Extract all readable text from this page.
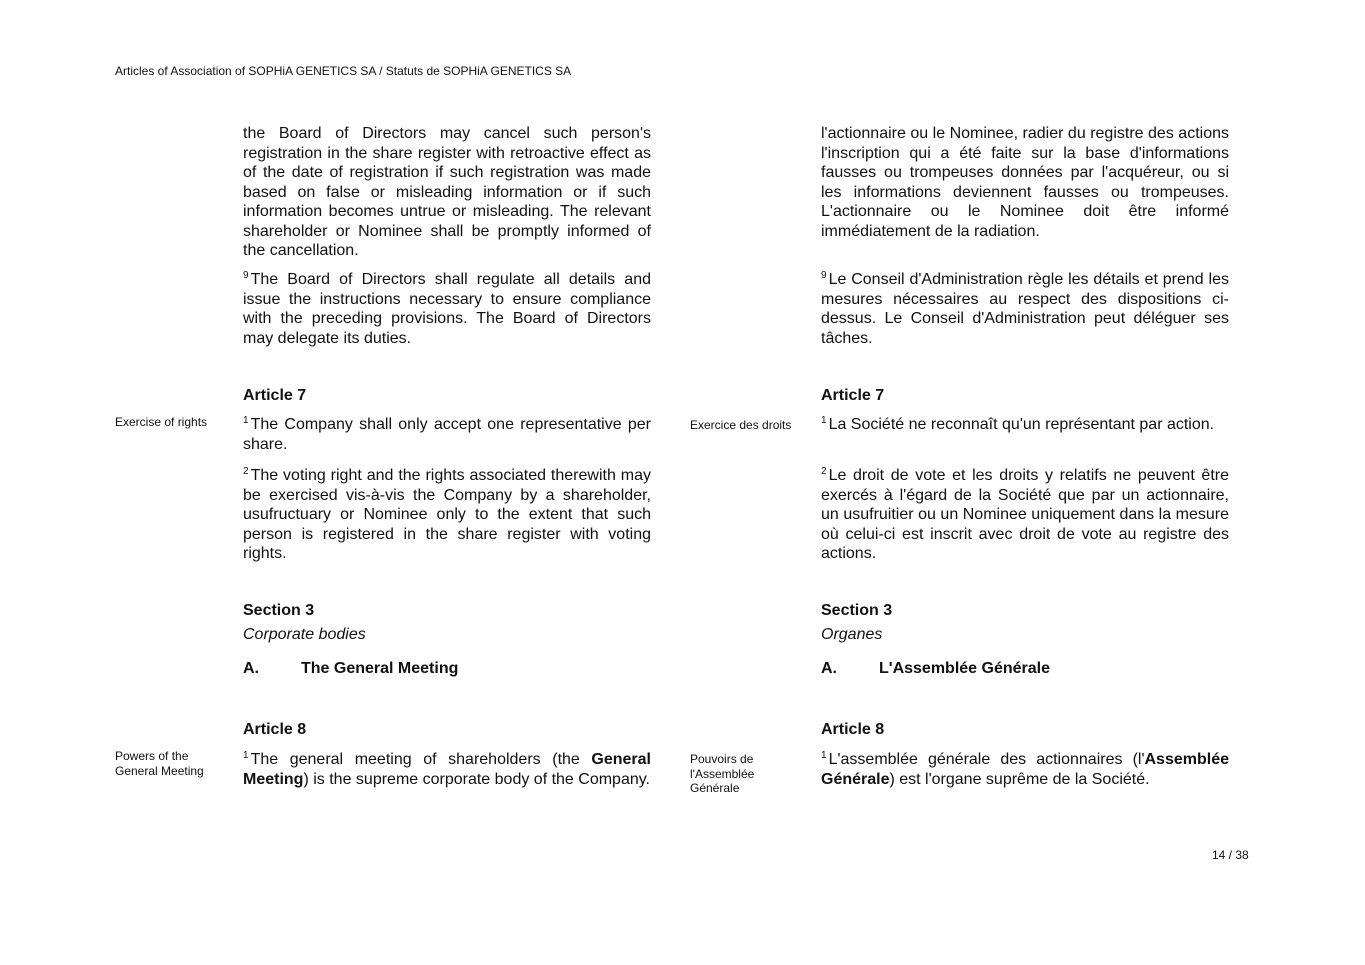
Articles of Association of SOPHiA GENETICS SA / Statuts de SOPHiA GENETICS SA
the Board of Directors may cancel such person's registration in the share register with retroactive effect as of the date of registration if such registration was made based on false or misleading information or if such information becomes untrue or misleading. The relevant shareholder or Nominee shall be promptly informed of the cancellation.
$^9$ The Board of Directors shall regulate all details and issue the instructions necessary to ensure compliance with the preceding provisions. The Board of Directors may delegate its duties.
Article 7
Exercise of rights	$^1$ The Company shall only accept one representative per share.
$^2$ The voting right and the rights associated therewith may be exercised vis-à-vis the Company by a shareholder, usufructuary or Nominee only to the extent that such person is registered in the share register with voting rights.
Section 3
Corporate bodies
A.	The General Meeting
Article 8
Powers of the General Meeting
$^1$ The general meeting of shareholders (the General Meeting) is the supreme corporate body of the Company.
l'actionnaire ou le Nominee, radier du registre des actions l'inscription qui a été faite sur la base d'informations fausses ou trompeuses données par l'acquéreur, ou si les informations deviennent fausses ou trompeuses. L'actionnaire ou le Nominee doit être informé immédiatement de la radiation.
$^9$ Le Conseil d'Administration règle les détails et prend les mesures nécessaires au respect des dispositions ci-dessus. Le Conseil d'Administration peut déléguer ses tâches.
Article 7
Exercice des droits	$^1$ La Société ne reconnaît qu'un représentant par action.
$^2$ Le droit de vote et les droits y relatifs ne peuvent être exercés à l'égard de la Société que par un actionnaire, un usufruitier ou un Nominee uniquement dans la mesure où celui-ci est inscrit avec droit de vote au registre des actions.
Section 3
Organes
A.	L'Assemblée Générale
Article 8
Pouvoirs de l'Assemblée Générale
$^1$ L'assemblée générale des actionnaires (l'Assemblée Générale) est l'organe suprême de la Société.
14 / 38
